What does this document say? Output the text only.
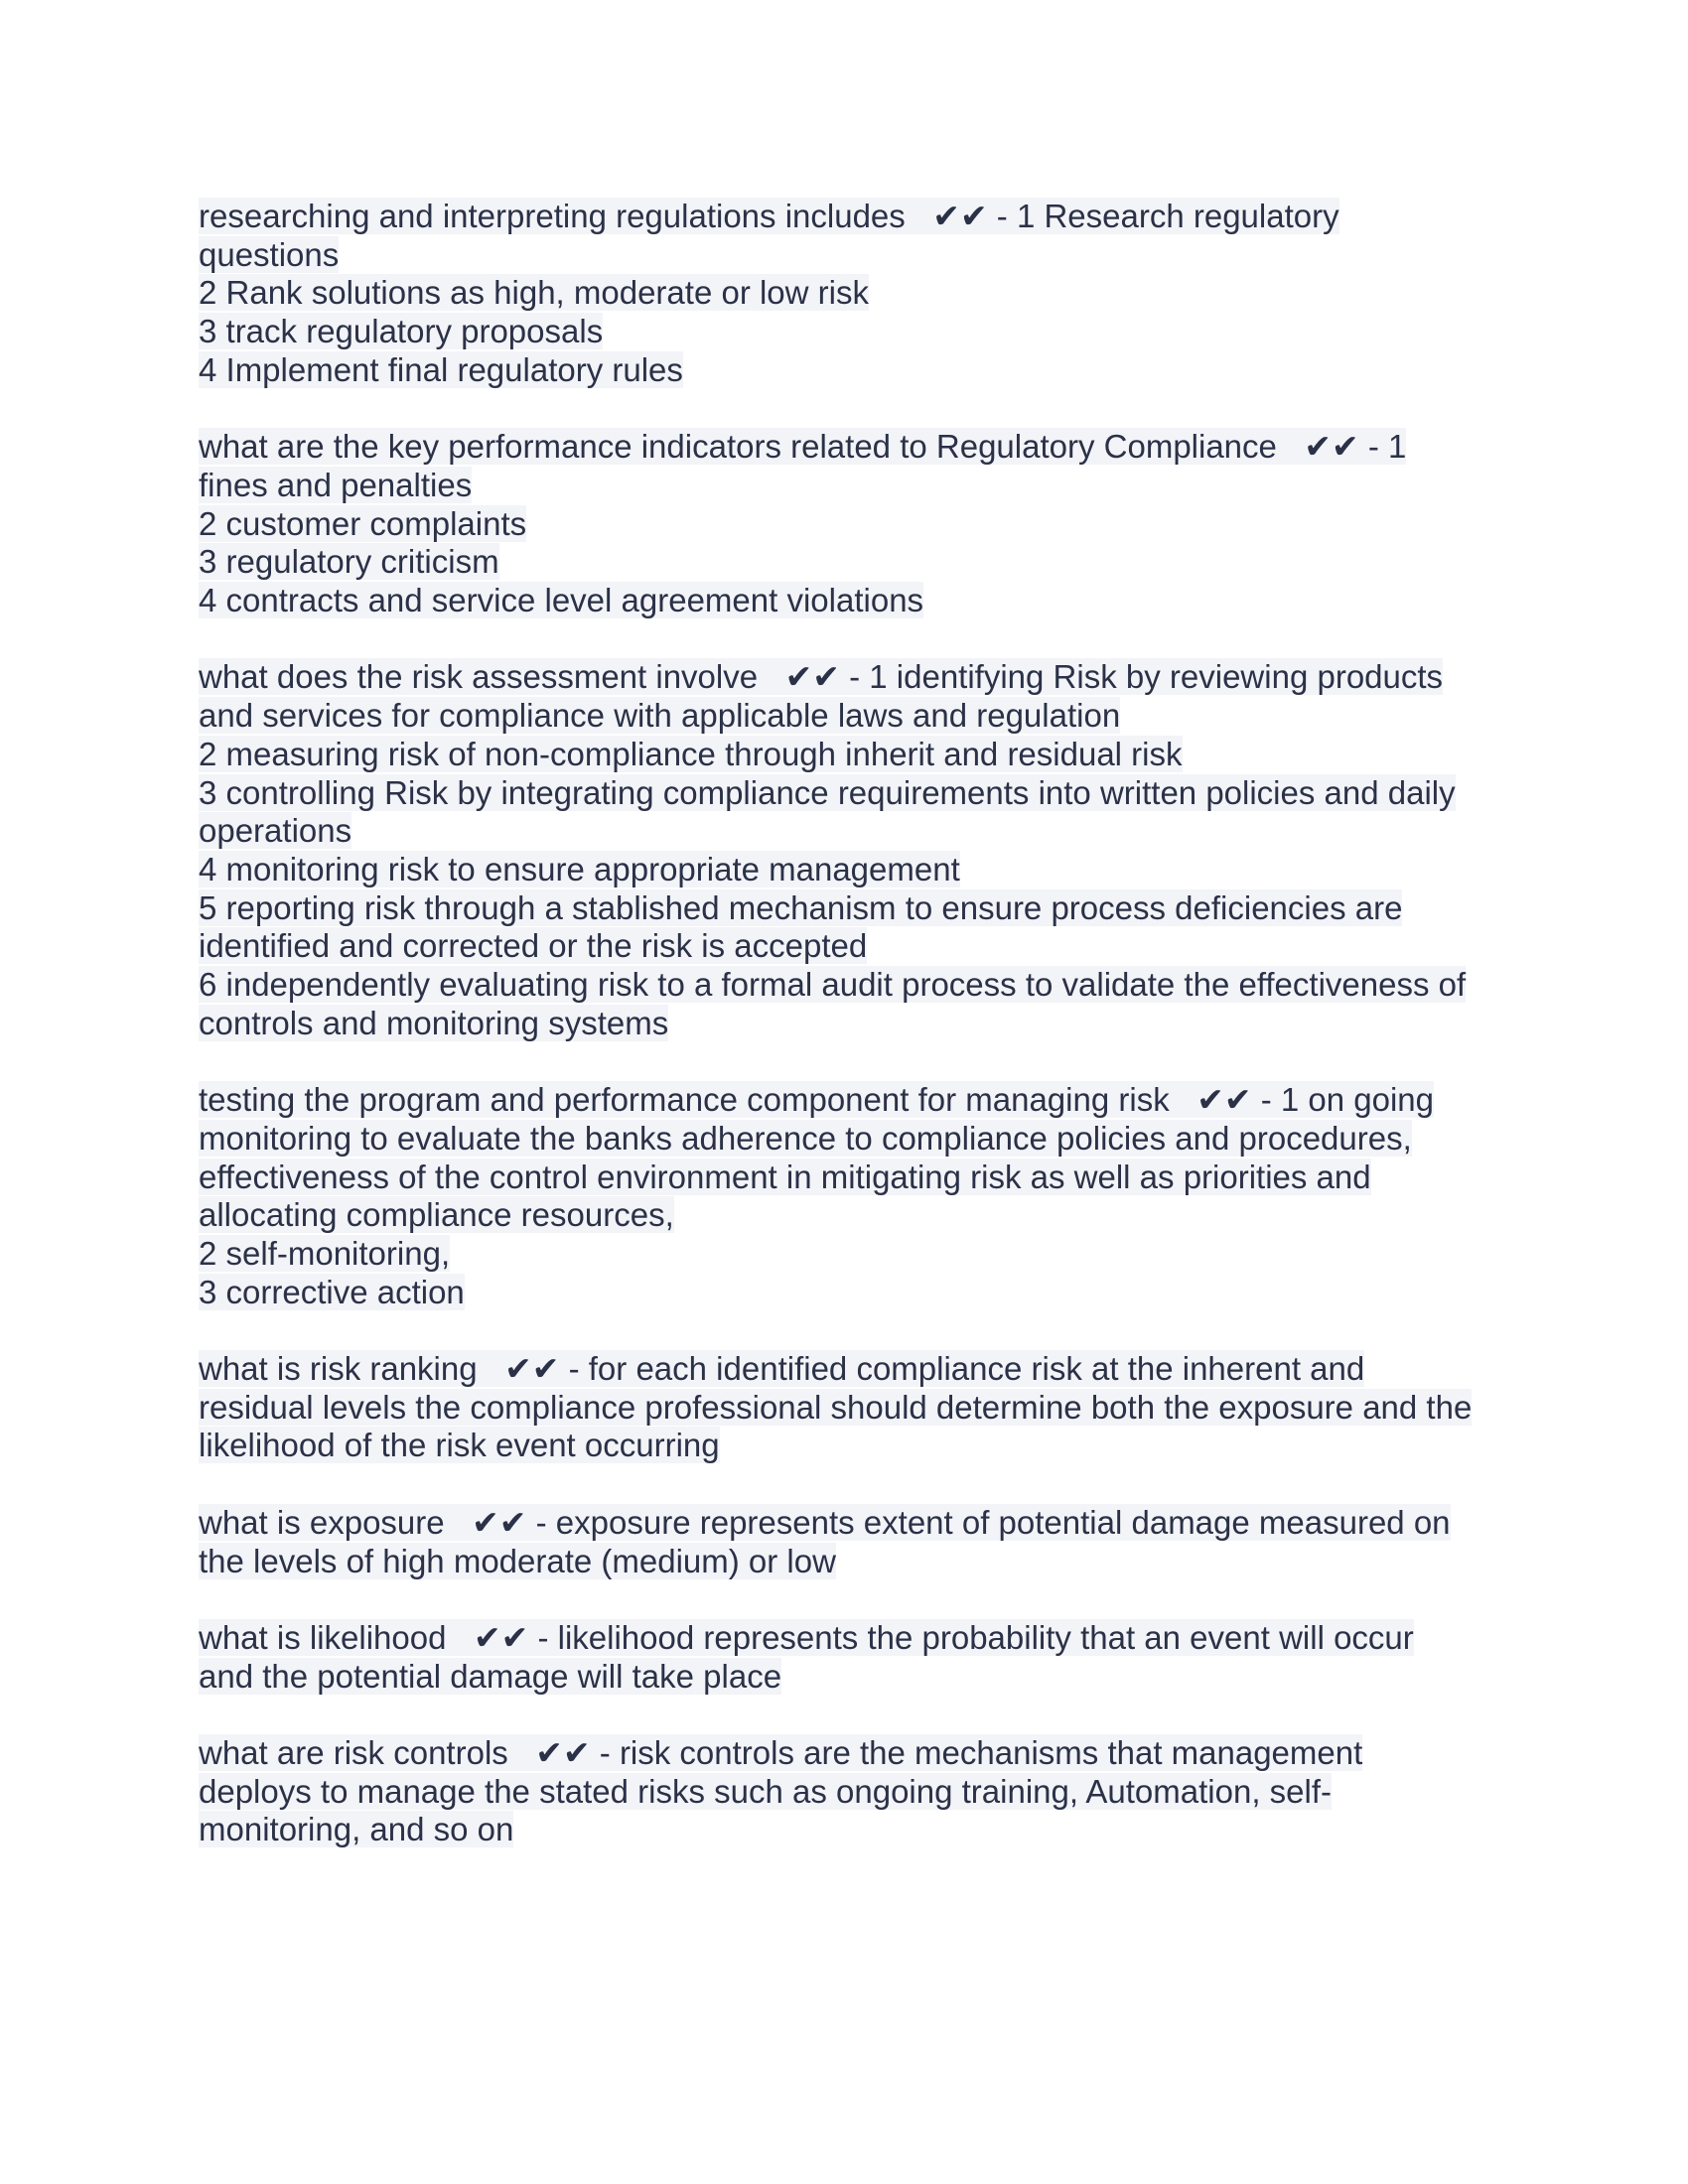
researching and interpreting regulations includes ✔✔ - 1 Research regulatory
questions
2 Rank solutions as high, moderate or low risk
3 track regulatory proposals
4 Implement final regulatory rules
what are the key performance indicators related to Regulatory Compliance ✔✔ - 1
fines and penalties
2 customer complaints
3 regulatory criticism
4 contracts and service level agreement violations
what does the risk assessment involve ✔✔ - 1 identifying Risk by reviewing products
and services for compliance with applicable laws and regulation
2 measuring risk of non-compliance through inherit and residual risk
3 controlling Risk by integrating compliance requirements into written policies and daily
operations
4 monitoring risk to ensure appropriate management
5 reporting risk through a stablished mechanism to ensure process deficiencies are
identified and corrected or the risk is accepted
6 independently evaluating risk to a formal audit process to validate the effectiveness of
controls and monitoring systems
testing the program and performance component for managing risk ✔✔ - 1 on going
monitoring to evaluate the banks adherence to compliance policies and procedures,
effectiveness of the control environment in mitigating risk as well as priorities and
allocating compliance resources,
2 self-monitoring,
3 corrective action
what is risk ranking ✔✔ - for each identified compliance risk at the inherent and
residual levels the compliance professional should determine both the exposure and the
likelihood of the risk event occurring
what is exposure ✔✔ - exposure represents extent of potential damage measured on
the levels of high moderate (medium) or low
what is likelihood ✔✔ - likelihood represents the probability that an event will occur
and the potential damage will take place
what are risk controls ✔✔ - risk controls are the mechanisms that management
deploys to manage the stated risks such as ongoing training, Automation, self-
monitoring, and so on
